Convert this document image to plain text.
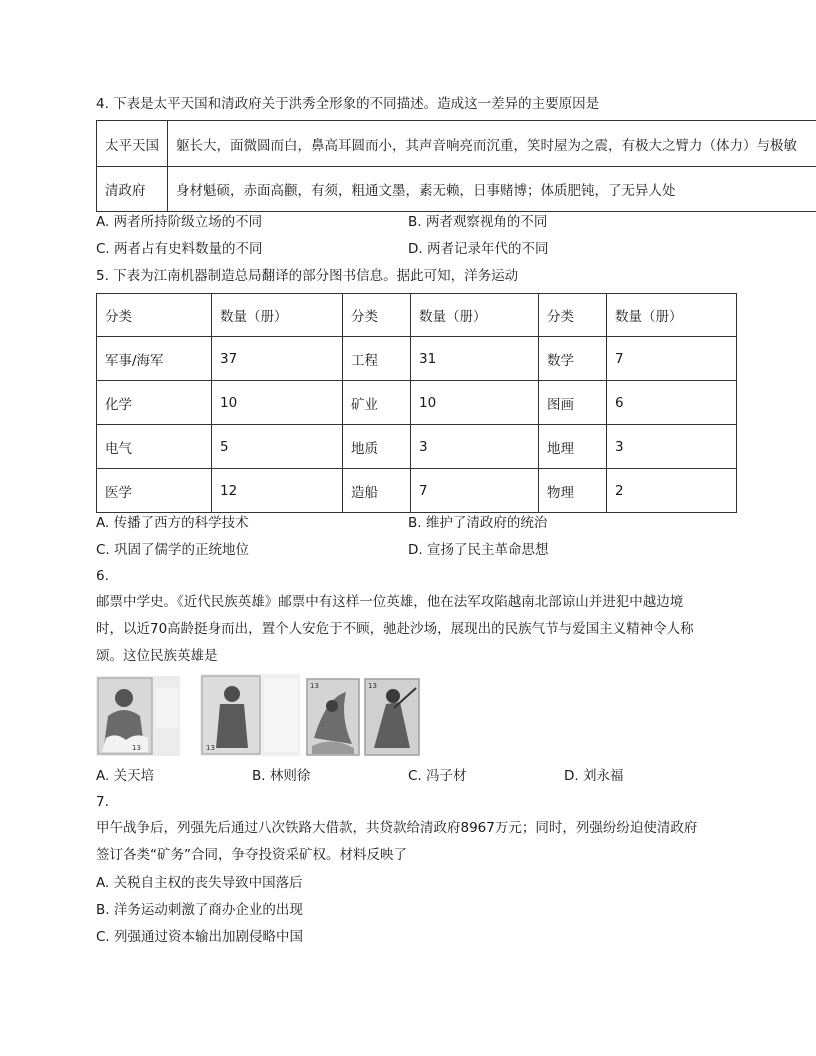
4. 下表是太平天国和清政府关于洪秀全形象的不同描述。造成这一差异的主要原因是
太平天国	躯长大，面微圆而白，鼻高耳圆而小，其声音响亮而沉重，笑时屋为之震，有极大之臂力（体力）与极敏
清政府	身材魁硕，赤面高颧，有须，粗通文墨，素无赖，日事赌博；体质肥钝，了无异人处
A. 两者所持阶级立场的不同	B. 两者观察视角的不同
C. 两者占有史料数量的不同	D. 两者记录年代的不同
5. 下表为江南机器制造总局翻译的部分图书信息。据此可知，洋务运动
分类	数量（册）	分类	数量（册）	分类	数量（册）
军事/海军	37	工程	31	数学	7
化学	10	矿业	10	图画	6
电气	5	地质	3	地理	3
医学	12	造船	7	物理	2
A. 传播了西方的科学技术	B. 维护了清政府的统治
C. 巩固了儒学的正统地位	D. 宣扬了民主革命思想
6.
邮票中学史。《近代民族英雄》邮票中有这样一位英雄，他在法军攻陷越南北部谅山并进犯中越边境
时，以近70高龄挺身而出，置个人安危于不顾，驰赴沙场，展现出的民族气节与爱国主义精神令人称
颂。这位民族英雄是
13	13
13	13
A. 关天培	B. 林则徐	C. 冯子材	D. 刘永福
7.
甲午战争后，列强先后通过八次铁路大借款，共贷款给清政府8967万元；同时，列强纷纷迫使清政府
签订各类“矿务”合同，争夺投资采矿权。材料反映了
A. 关税自主权的丧失导致中国落后
B. 洋务运动刺激了商办企业的出现
C. 列强通过资本输出加剧侵略中国
